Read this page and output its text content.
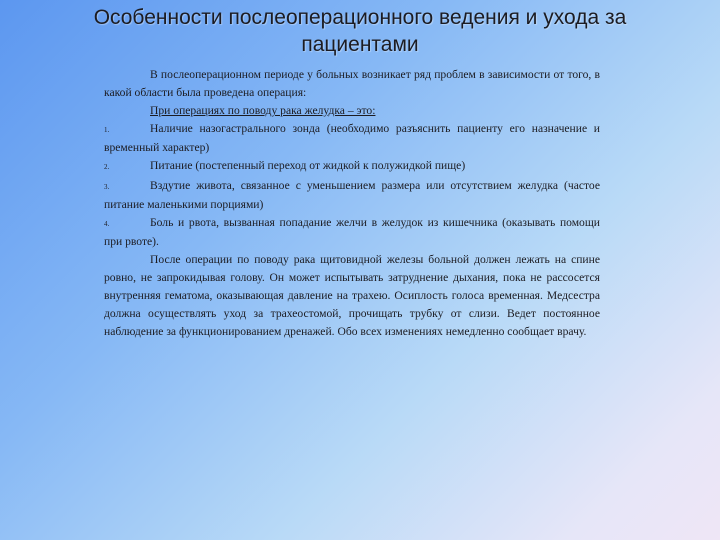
Особенности послеоперационного ведения и ухода за пациентами

В послеоперационном периоде у больных возникает ряд проблем в зависимости от того, в какой области была проведена операция:

При операциях по поводу рака желудка – это:

1.	Наличие назогастрального зонда (необходимо разъяснить пациенту его назначение и временный характер)

2.	Питание (постепенный переход от жидкой к полужидкой пище)

3.	Вздутие живота, связанное с уменьшением размера или отсутствием желудка (частое питание маленькими порциями)

4.	Боль и рвота, вызванная попадание желчи в желудок из кишечника (оказывать помощи при рвоте).

После операции по поводу рака щитовидной железы больной должен лежать на спине ровно, не запрокидывая голову. Он может испытывать затруднение дыхания, пока не рассосется внутренняя гематома, оказывающая давление на трахею. Осиплость голоса временная. Медсестра должна осуществлять уход за трахеостомой, прочищать трубку от слизи. Ведет постоянное наблюдение за функционированием дренажей. Обо всех изменениях немедленно сообщает врачу.
